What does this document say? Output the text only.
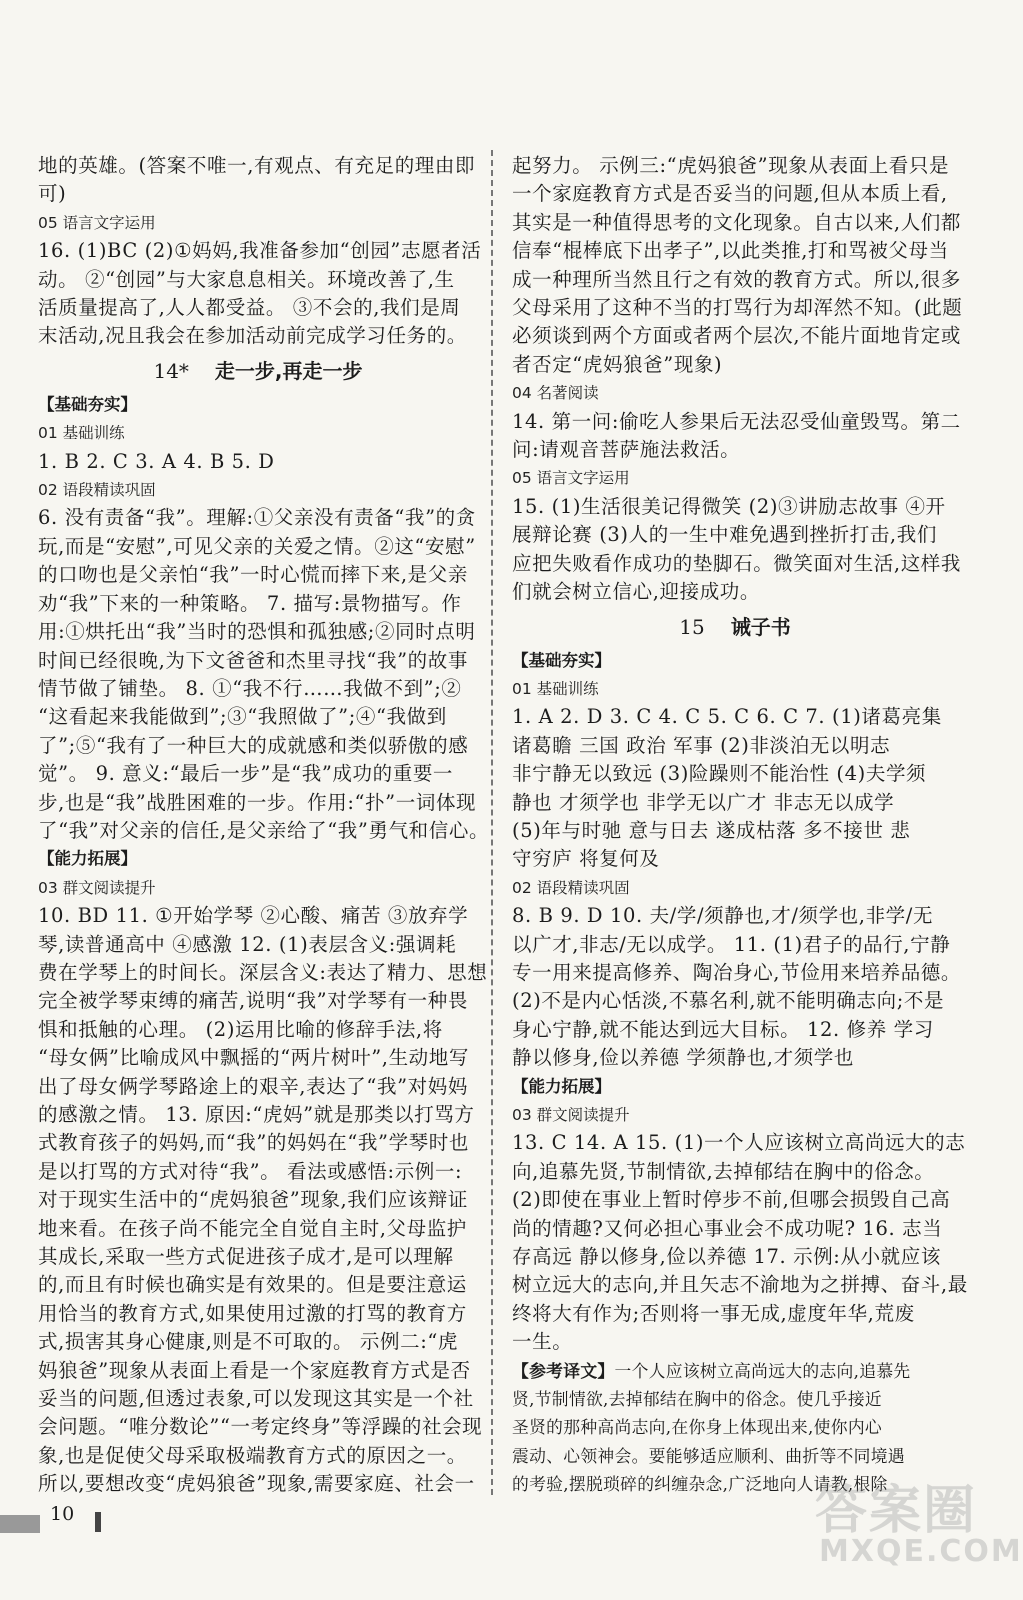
地的英雄。(答案不唯一,有观点、有充足的理由即
可)
05 语言文字运用
16. (1)BC (2)①妈妈,我准备参加“创园”志愿者活
动。 ②“创园”与大家息息相关。环境改善了,生
活质量提高了,人人都受益。 ③不会的,我们是周
末活动,况且我会在参加活动前完成学习任务的。
14* 走一步,再走一步
【基础夯实】
01 基础训练
1. B 2. C 3. A 4. B 5. D
02 语段精读巩固
6. 没有责备“我”。理解:①父亲没有责备“我”的贪
玩,而是“安慰”,可见父亲的关爱之情。②这“安慰”
的口吻也是父亲怕“我”一时心慌而摔下来,是父亲
劝“我”下来的一种策略。 7. 描写:景物描写。作
用:①烘托出“我”当时的恐惧和孤独感;②同时点明
时间已经很晚,为下文爸爸和杰里寻找“我”的故事
情节做了铺垫。 8. ①“我不行……我做不到”;②
“这看起来我能做到”;③“我照做了”;④“我做到
了”;⑤“我有了一种巨大的成就感和类似骄傲的感
觉”。 9. 意义:“最后一步”是“我”成功的重要一
步,也是“我”战胜困难的一步。作用:“扑”一词体现
了“我”对父亲的信任,是父亲给了“我”勇气和信心。
【能力拓展】
03 群文阅读提升
10. BD 11. ①开始学琴 ②心酸、痛苦 ③放弃学
琴,读普通高中 ④感激 12. (1)表层含义:强调耗
费在学琴上的时间长。深层含义:表达了精力、思想
完全被学琴束缚的痛苦,说明“我”对学琴有一种畏
惧和抵触的心理。 (2)运用比喻的修辞手法,将
“母女俩”比喻成风中飘摇的“两片树叶”,生动地写
出了母女俩学琴路途上的艰辛,表达了“我”对妈妈
的感激之情。 13. 原因:“虎妈”就是那类以打骂方
式教育孩子的妈妈,而“我”的妈妈在“我”学琴时也
是以打骂的方式对待“我”。 看法或感悟:示例一:
对于现实生活中的“虎妈狼爸”现象,我们应该辩证
地来看。在孩子尚不能完全自觉自主时,父母监护
其成长,采取一些方式促进孩子成才,是可以理解
的,而且有时候也确实是有效果的。但是要注意运
用恰当的教育方式,如果使用过激的打骂的教育方
式,损害其身心健康,则是不可取的。 示例二:“虎
妈狼爸”现象从表面上看是一个家庭教育方式是否
妥当的问题,但透过表象,可以发现这其实是一个社
会问题。“唯分数论”“一考定终身”等浮躁的社会现
象,也是促使父母采取极端教育方式的原因之一。
所以,要想改变“虎妈狼爸”现象,需要家庭、社会一
起努力。 示例三:“虎妈狼爸”现象从表面上看只是
一个家庭教育方式是否妥当的问题,但从本质上看,
其实是一种值得思考的文化现象。自古以来,人们都
信奉“棍棒底下出孝子”,以此类推,打和骂被父母当
成一种理所当然且行之有效的教育方式。所以,很多
父母采用了这种不当的打骂行为却浑然不知。(此题
必须谈到两个方面或者两个层次,不能片面地肯定或
者否定“虎妈狼爸”现象)
04 名著阅读
14. 第一问:偷吃人参果后无法忍受仙童毁骂。第二
问:请观音菩萨施法救活。
05 语言文字运用
15. (1)生活很美记得微笑 (2)③讲励志故事 ④开
展辩论赛 (3)人的一生中难免遇到挫折打击,我们
应把失败看作成功的垫脚石。微笑面对生活,这样我
们就会树立信心,迎接成功。
15 诫子书
【基础夯实】
01 基础训练
1. A 2. D 3. C 4. C 5. C 6. C 7. (1)诸葛亮集
诸葛瞻 三国 政治 军事 (2)非淡泊无以明志
非宁静无以致远 (3)险躁则不能治性 (4)夫学须
静也 才须学也 非学无以广才 非志无以成学
(5)年与时驰 意与日去 遂成枯落 多不接世 悲
守穷庐 将复何及
02 语段精读巩固
8. B 9. D 10. 夫/学/须静也,才/须学也,非学/无
以广才,非志/无以成学。 11. (1)君子的品行,宁静
专一用来提高修养、陶冶身心,节俭用来培养品德。
(2)不是内心恬淡,不慕名利,就不能明确志向;不是
身心宁静,就不能达到远大目标。 12. 修养 学习
静以修身,俭以养德 学须静也,才须学也
【能力拓展】
03 群文阅读提升
13. C 14. A 15. (1)一个人应该树立高尚远大的志
向,追慕先贤,节制情欲,去掉郁结在胸中的俗念。
(2)即使在事业上暂时停步不前,但哪会损毁自己高
尚的情趣?又何必担心事业会不成功呢? 16. 志当
存高远 静以修身,俭以养德 17. 示例:从小就应该
树立远大的志向,并且矢志不渝地为之拼搏、奋斗,最
终将大有作为;否则将一事无成,虚度年华,荒废
一生。
【参考译文】一个人应该树立高尚远大的志向,追慕先
贤,节制情欲,去掉郁结在胸中的俗念。使几乎接近
圣贤的那种高尚志向,在你身上体现出来,使你内心
震动、心领神会。要能够适应顺利、曲折等不同境遇
的考验,摆脱琐碎的纠缠杂念,广泛地向人请教,根除
10	答案圈
MXQE.COM
